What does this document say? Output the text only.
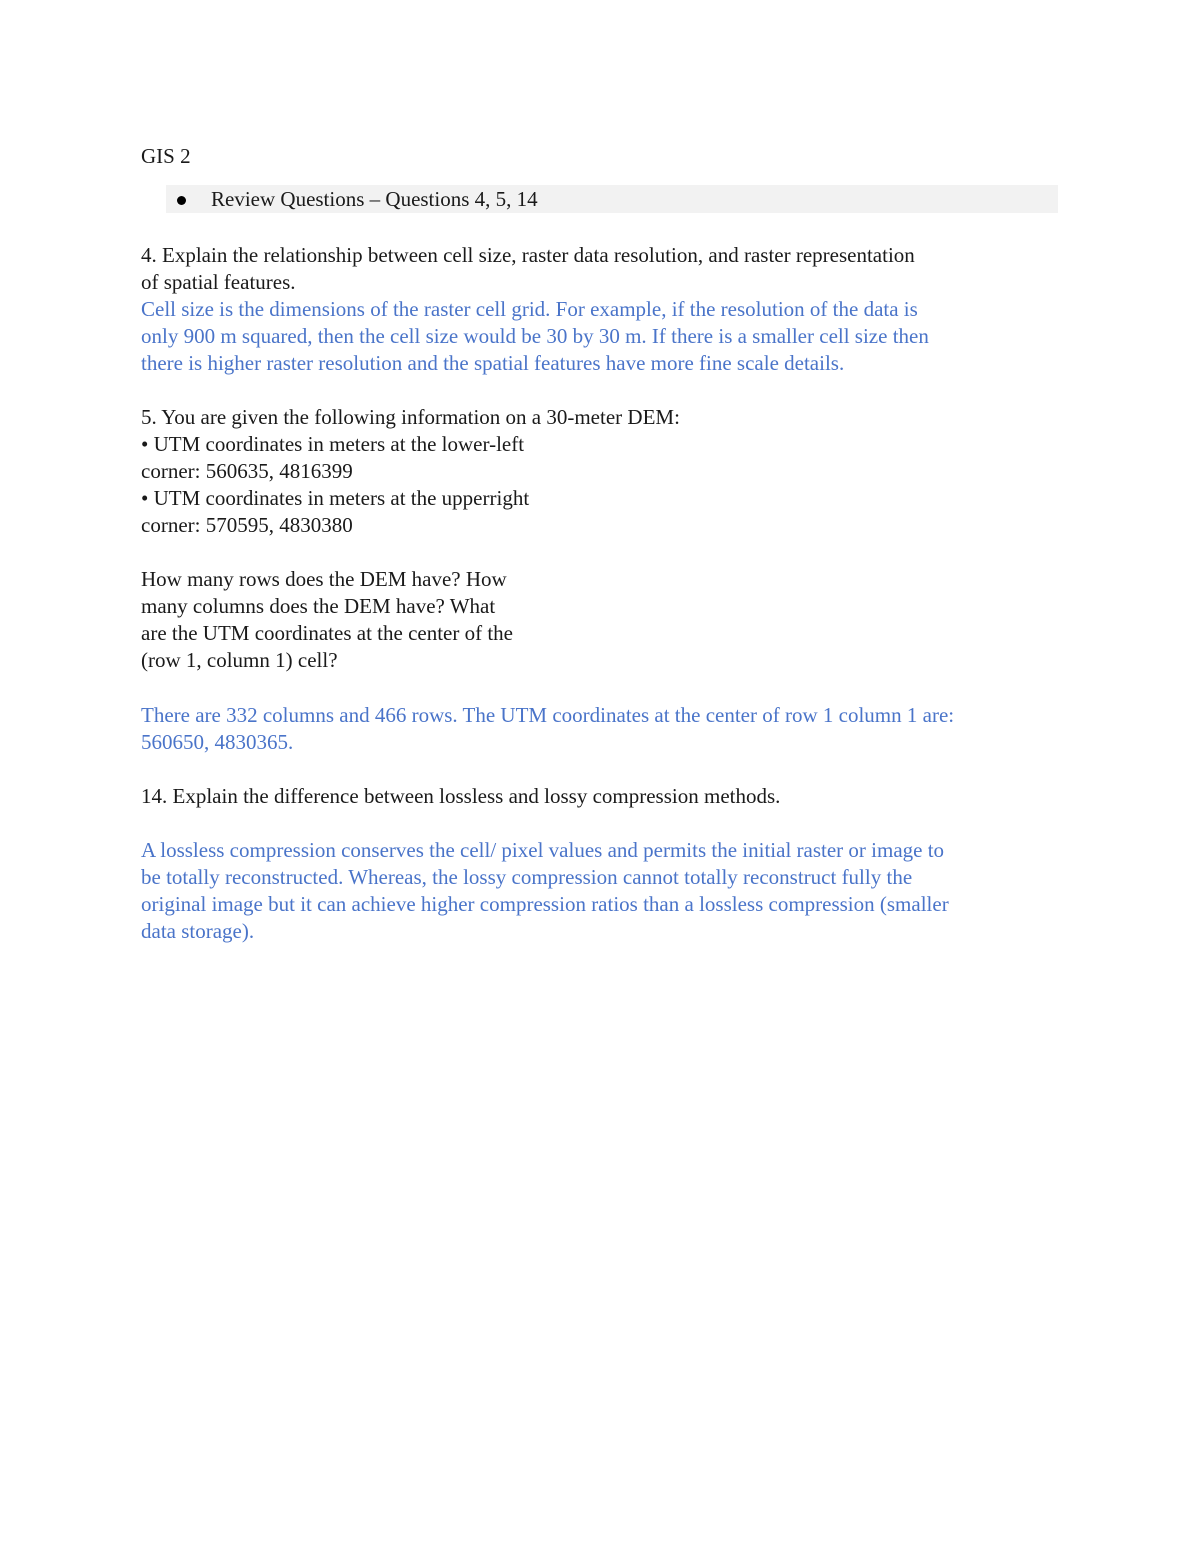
GIS 2
Review Questions – Questions 4, 5, 14
4. Explain the relationship between cell size, raster data resolution, and raster representation
of spatial features.
Cell size is the dimensions of the raster cell grid. For example, if the resolution of the data is
only 900 m squared, then the cell size would be 30 by 30 m. If there is a smaller cell size then
there is higher raster resolution and the spatial features have more fine scale details.
5. You are given the following information on a 30-meter DEM:
• UTM coordinates in meters at the lower-left
corner: 560635, 4816399
• UTM coordinates in meters at the upperright
corner: 570595, 4830380
How many rows does the DEM have? How
many columns does the DEM have? What
are the UTM coordinates at the center of the
(row 1, column 1) cell?
There are 332 columns and 466 rows. The UTM coordinates at the center of row 1 column 1 are:
560650, 4830365.
14. Explain the difference between lossless and lossy compression methods.
A lossless compression conserves the cell/ pixel values and permits the initial raster or image to
be totally reconstructed. Whereas, the lossy compression cannot totally reconstruct fully the
original image but it can achieve higher compression ratios than a lossless compression (smaller
data storage).
